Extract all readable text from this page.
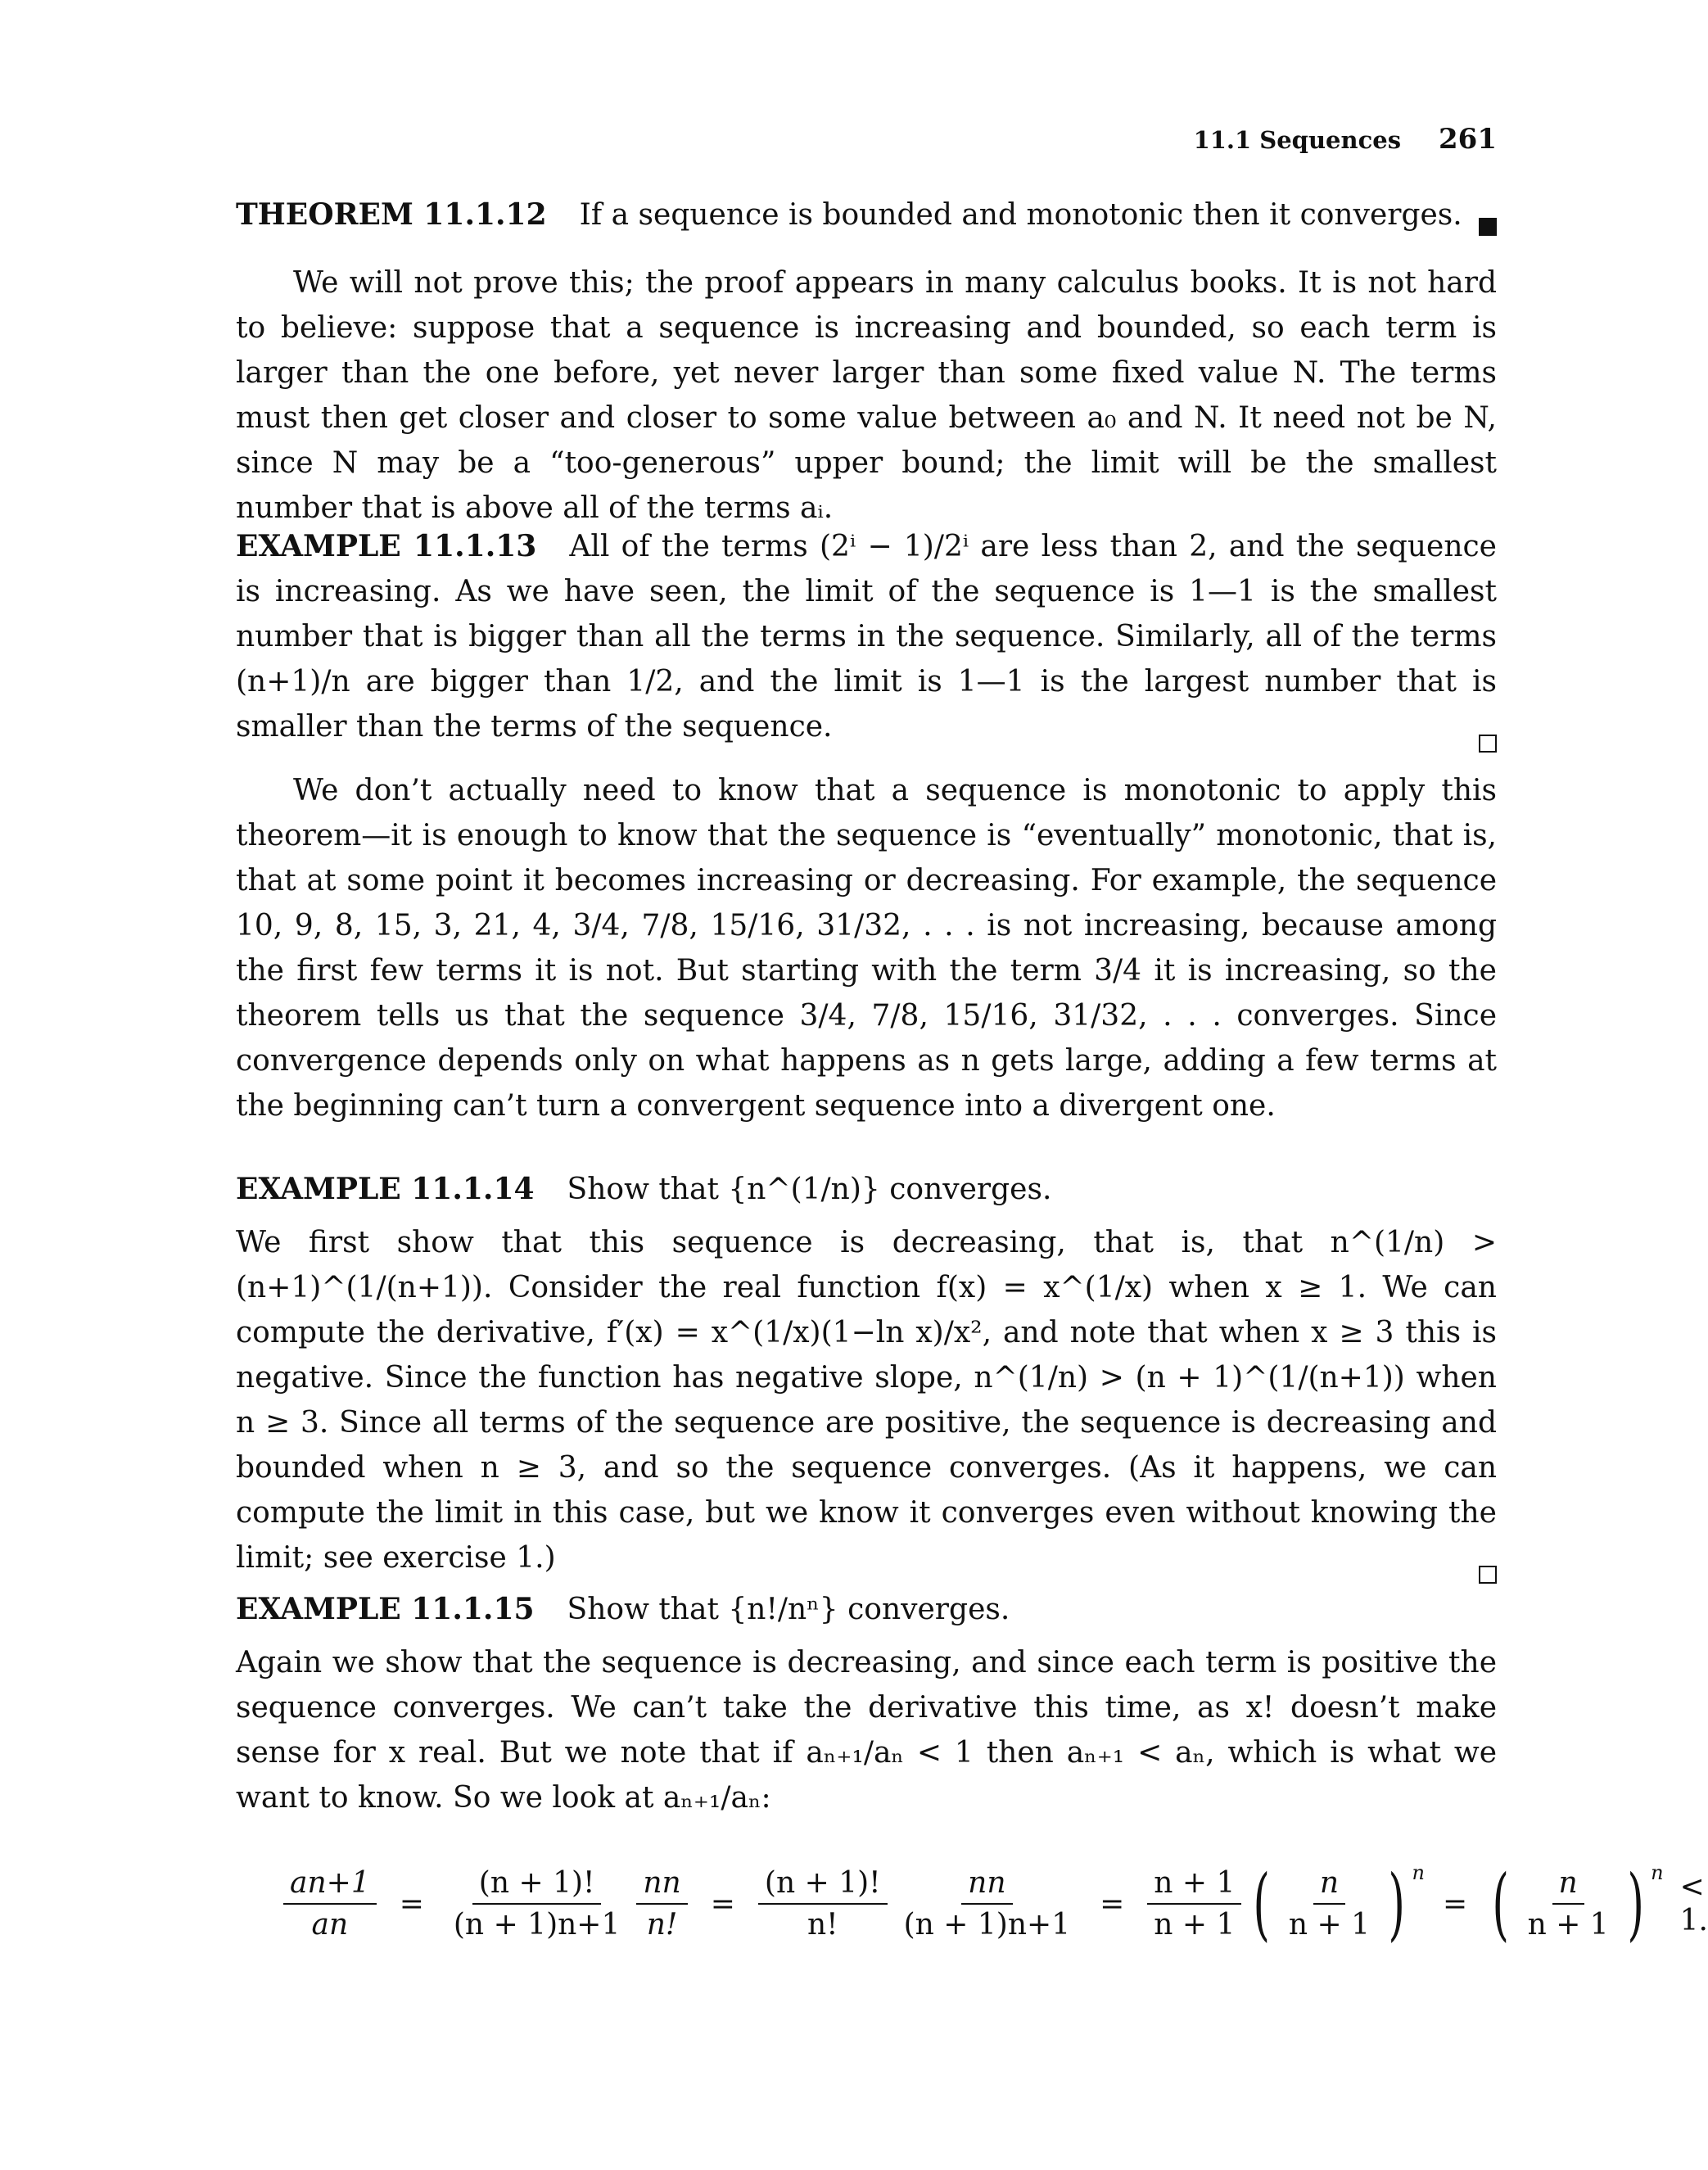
11.1 Sequences 261

THEOREM 11.1.12 If a sequence is bounded and monotonic then it converges.

We will not prove this; the proof appears in many calculus books. It is not hard to believe: suppose that a sequence is increasing and bounded, so each term is larger than the one before, yet never larger than some fixed value N. The terms must then get closer and closer to some value between a₀ and N. It need not be N, since N may be a “too-generous” upper bound; the limit will be the smallest number that is above all of the terms aᵢ.

EXAMPLE 11.1.13 All of the terms (2ⁱ − 1)/2ⁱ are less than 2, and the sequence is increasing. As we have seen, the limit of the sequence is 1—1 is the smallest number that is bigger than all the terms in the sequence. Similarly, all of the terms (n+1)/n are bigger than 1/2, and the limit is 1—1 is the largest number that is smaller than the terms of the sequence.

We don’t actually need to know that a sequence is monotonic to apply this theorem—it is enough to know that the sequence is “eventually” monotonic, that is, that at some point it becomes increasing or decreasing. For example, the sequence 10, 9, 8, 15, 3, 21, 4, 3/4, 7/8, 15/16, 31/32, . . . is not increasing, because among the first few terms it is not. But starting with the term 3/4 it is increasing, so the theorem tells us that the sequence 3/4, 7/8, 15/16, 31/32, . . . converges. Since convergence depends only on what happens as n gets large, adding a few terms at the beginning can’t turn a convergent sequence into a divergent one.

EXAMPLE 11.1.14 Show that {n^(1/n)} converges.

We first show that this sequence is decreasing, that is, that n^(1/n) > (n+1)^(1/(n+1)). Consider the real function f(x) = x^(1/x) when x ≥ 1. We can compute the derivative, f′(x) = x^(1/x)(1−ln x)/x², and note that when x ≥ 3 this is negative. Since the function has negative slope, n^(1/n) > (n + 1)^(1/(n+1)) when n ≥ 3. Since all terms of the sequence are positive, the sequence is decreasing and bounded when n ≥ 3, and so the sequence converges. (As it happens, we can compute the limit in this case, but we know it converges even without knowing the limit; see exercise 1.)

EXAMPLE 11.1.15 Show that {n!/nⁿ} converges.

Again we show that the sequence is decreasing, and since each term is positive the sequence converges. We can’t take the derivative this time, as x! doesn’t make sense for x real. But we note that if aₙ₊₁/aₙ < 1 then aₙ₊₁ < aₙ, which is what we want to know. So we look at aₙ₊₁/aₙ:

$\frac{an+1}{an} = \frac{(n + 1)!}{(n + 1)n+1} \frac{nn}{n!} = \frac{(n + 1)!}{n!} \frac{nn}{(n + 1)n+1} = \frac{n + 1}{n + 1}$ ( $\frac{n}{n + 1}$ ) n
= ( $\frac{n}{n + 1}$ ) n < 1.
